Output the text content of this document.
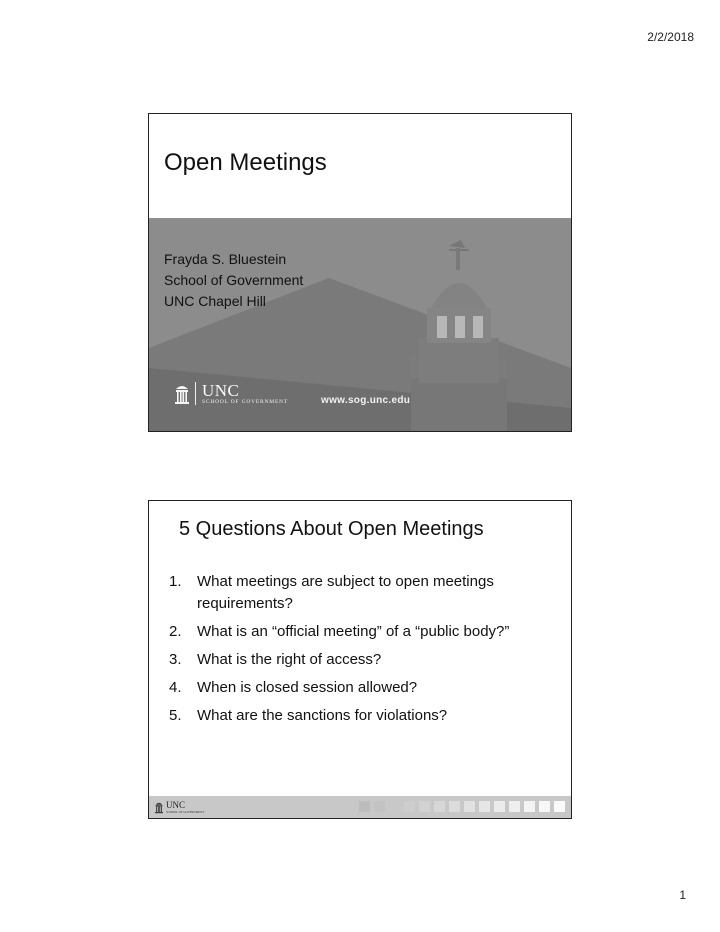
2/2/2018
Open Meetings
Frayda S. Bluestein
School of Government
UNC Chapel Hill
UNC
SCHOOL OF GOVERNMENT	www.sog.unc.edu
5 Questions About Open Meetings
1.	What meetings are subject to open meetings requirements?
2.	What is an “official meeting” of a “public body?”
3.	What is the right of access?
4.	When is closed session allowed?
5.	What are the sanctions for violations?
UNC
SCHOOL OF GOVERNMENT
1
